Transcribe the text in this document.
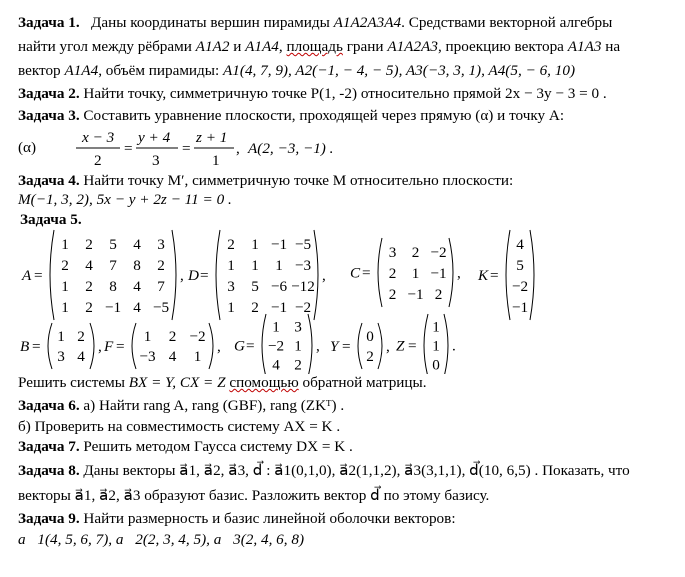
Задача 1. Даны координаты вершин пирамиды A1A2A3A4. Средствами векторной алгебры
найти угол между рёбрами A1A2 и A1A4, площадь грани A1A2A3, проекцию вектора A1A3 на
вектор A1A4, объём пирамиды: A1(4, 7, 9), A2(−1, − 4, − 5), A3(−3, 3, 1), A4(5, − 6, 10)
Задача 2. Найти точку, симметричную точке P(1, -2) относительно прямой 2x − 3y − 3 = 0 .
Задача 3. Составить уравнение плоскости, проходящей через прямую (α) и точку A:
(α)
x − 3
2
=
y + 4
3
=
z + 1
1
, A(2, −3, −1) .
Задача 4. Найти точку M′, симметричную точке M относительно плоскости:
M(−1, 3, 2), 5x − y + 2z − 11 = 0 .
Задача 5.
A =
1 2 5 4 3
2 4 7 8 2
1 2 8 4 7
1 2 −1 4 −5
, D =
2 1 −1 −5
1 1 1 −3
3 5 −6 −12
1 2 −1 −2
, C =
3 2 −2
2 1 −1
2 −1 2
, K =
4
5
−2
−1
B =
1 2
3 4
, F =
1 2 −2
−3 4 1
, G =
1 3
−2 1
4 2
, Y =
0
2
, Z =
1
1
0
.
Решить системы BX = Y, CX = Z спомощью обратной матрицы.
Задача 6. а) Найти rang A, rang (GBF), rang (ZKᵀ) .
б) Проверить на совместимость систему AX = K .
Задача 7. Решить методом Гаусса систему DX = K .
Задача 8. Даны векторы a⃗1, a⃗2, a⃗3, d⃗ : a⃗1(0,1,0), a⃗2(1,1,2), a⃗3(3,1,1), d⃗(10, 6,5) . Показать, что
векторы a⃗1, a⃗2, a⃗3 образуют базис. Разложить вектор d⃗ по этому базису.
Задача 9. Найти размерность и базис линейной оболочки векторов:
a⃗1(4, 5, 6, 7), a⃗2(2, 3, 4, 5), a⃗3(2, 4, 6, 8)
